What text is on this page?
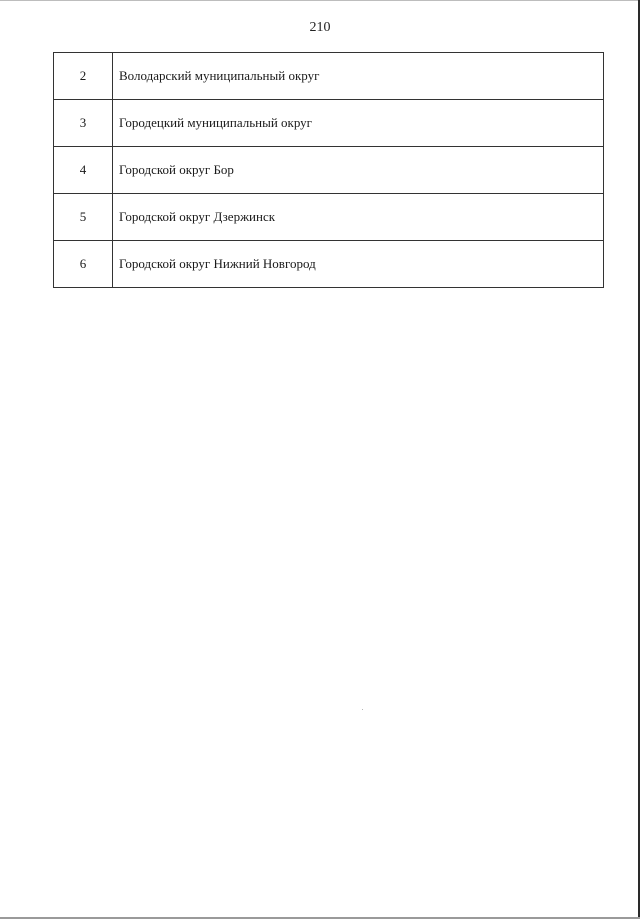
210
2	Володарский муниципальный округ
3	Городецкий муниципальный округ
4	Городской округ Бор
5	Городской округ Дзержинск
6	Городской округ Нижний Новгород
